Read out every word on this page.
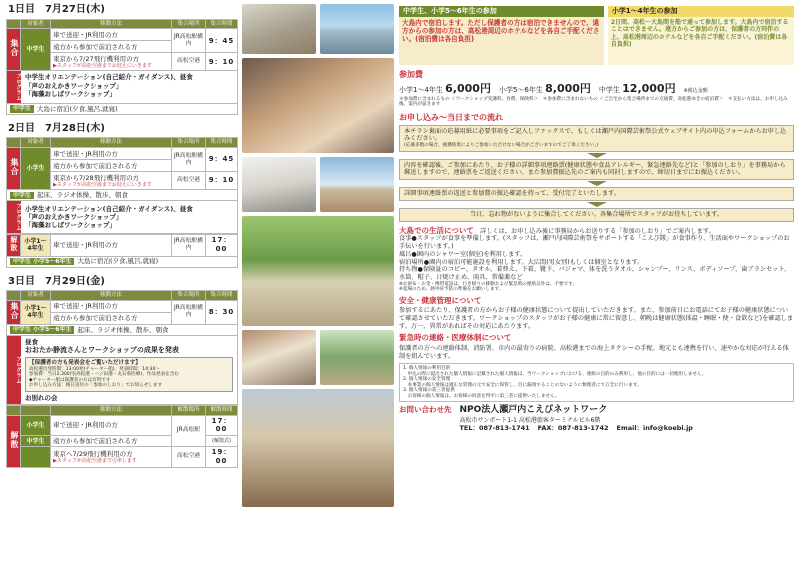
1日目 7月27日(木)
	対象者	移動方法	集合場所	集合時間
集合	中学生	車で送迎・JR利用の方	JR高松駅構内	9：45
		遠方から参加で前泊される方		

		東京から7/27飛行機利用の方
▶スタッフが高松空港までお迎えにいきます	高松空港	9：10
プログラム 中学生オリエンテーション(自己紹介・ガイダンス)、昼食
「声のおえかきワークショップ」
「海藻おしばワークショップ」
中学生 大島に宿泊(夕食,風呂,就寝)
2日目 7月28日(木)
	対象者	移動方法	集合場所	集合時間
集合	小学生	車で送迎・JR利用の方	JR高松駅構内	9：45
		遠方から参加で前泊される方		

		東京から7/28飛行機利用の方
▶スタッフが高松空港までお迎えにいきます	高松空港	9：10
中学生 起床、ラジオ体操、散歩、朝食
プログラム 小学生オリエンテーション(自己紹介・ガイダンス)、昼食
「声のおえかきワークショップ」
「海藻おしばワークショップ」
解散	小学1〜4年生	車で送迎・JR利用の方	JR高松駅構内	17：00
中学生 小学5〜6年生 大島に宿泊(夕食,風呂,就寝)
3日目 7月29日(金)
	対象者	移動方法	集合場所	集合時間
集合	小学1〜4年生	車で送迎・JR利用の方	JR高松駅構内	8：30
		遠方から参加で前泊される方		
中学生 小学5〜6年生 起床、ラジオ体操、散歩、朝食
プログラム
昼食
おおたか静流さんとワークショップの成果を発表
【保護者の方も発表会をご覧いただけます】
高松港出発時間：13:00発(チャーター船)、発表時間：14:30〜
参加費：当日2,300円(高松港・ハジ田港・丸石県医療)、作品発表を含む
◆チャーター船は保護者の方は有料です
お申し込み方法：後日送付の「参加のしおり」でお知らせします
お別れの会
		移動方法	解散場所	解散時間
解散	小学生	車で送迎・JR利用の方	JR高松駅	17：00
	中学生	遠方から参加で前泊される方		(解散式)

		東京へ7/29飛行機利用の方
▶スタッフが高松空港まで引率します	高松空港	19：00
中学生、小学5〜6年生の参加
大島内で宿泊します。ただし保護者の方は宿泊できませんので、遠方からの参加の方は、高松港周辺のホテルなどを各自ご手配ください。(宿泊費は各自負担)
小学1〜4年生の参加
2日間、高松〜大島間を船で通って参加します。大島内で宿泊することはできません。遠方からご参加の方は、保護者の方同伴の上、高松港周辺のホテルなどを各自ご手配ください。(宿泊費は各自負担)
参加費
小学1〜4年生 6,000円 小学5〜6年生 8,000円 中学生 12,000円 ※税込金額
＊参加費に含まれるもの ＜ワークショップ受講料、食費、保険料＞　＊参加費に含まれないもの ＜ご自宅から集合場所までの交通費、高松港ゆきの宿泊費＞　＊支払い方法は、お申し込み後、案内が届きます
お申し込み〜当日までの流れ
本チラシ裏面の応募用紙に必要事項をご記入しファックスで、もしくは瀬戸内国際芸術祭公式ウェブサイト内の申込フォームからお申し込みください。
(応募多数の場合、抽選結果によりご参加いただけない場合がございますのでご了承ください。)
内容を確認後、ご参加にあたり、お子様の詳細事項連絡票(健康状態や食品アレルギー、緊急連絡先など)と「参加のしおり」を事務局から郵送しますので、連絡票をご返送ください。また参加費振込先のご案内も同封しますので、締切日までにお振込ください。
詳細事項連絡票の返送と参加費の振込確認を持って、受付完了といたします。
当日、忘れ物がないように集合してください。各集合場所でスタッフがお待ちしています。
大島での生活について　 詳しくは、お申し込み後に事務局からお送りする「参加のしおり」でご案内します。
食事●スタッフが食事を準備します。(スタッフは、瀬戸内国際芸術祭をサポートする「こえび隊」が食事作り、生活面やワークショップのお手伝いを行います。)
風呂●園内のシャワー室(個室)を利用します。
宿泊場所●園内の宿泊可能施設を利用します。大広間(男女別)もしくは個室となります。
持ち物●保険証のコピー、タオル、着替え、下着、靴下、パジャマ、体を洗うタオル、シャンプー、リンス、ボディソープ、歯ブラシセット、水筒、帽子、日焼け止め、雨具、常備薬など
※お財布・お金・携帯電話は、行き帰りの移動および緊急時の連絡以外は、不要です。
※夏場のため、熱中症予防の準備をお願いします。
安全・健康管理について
参加するにあたり、保護者の方からお子様の健康状態について提出していただきます。また、参加前日にお電話にてお子様の健康状態について確認させていただきます。ワークショップのスタッフがお子様の健康に常に留意し、朝晩は健康状態(体温・睡眠・便・食欲など)を確認します。万一、異常があればその対応にあたります。
緊急時の連絡・医療体制について
保護者の方への連絡体制、消防署、市内の最寄りの病院、高松港までの海上タクシーの手配、地元とも連携を行い、速やかな対応が行える体制を組んでいます。
1. 個人情報の利用目的
　申込の際に提出された個人情報に記載された個人情報は、当ワークショップにおける、連絡の目的のみ利用し、他の目的には一切使用しません。
2. 個人情報の安全管理
　本事業の個人情報は適正な管理の元で安全に保管し、目に漏洩することのないように無理者にて万全に行います。
3. 個人情報の第三者提供
　お客様の個人情報は、お客様の同意を得ずに第三者に提供いたしません。
お問い合わせ先 NPO法人瀬戸内こえびネットワーク
高松市サンポート1-1 高松港旅客ターミナルビル6階
TEL：087-813-1741 FAX：087-813-1742 Email：info@koebi.jp
